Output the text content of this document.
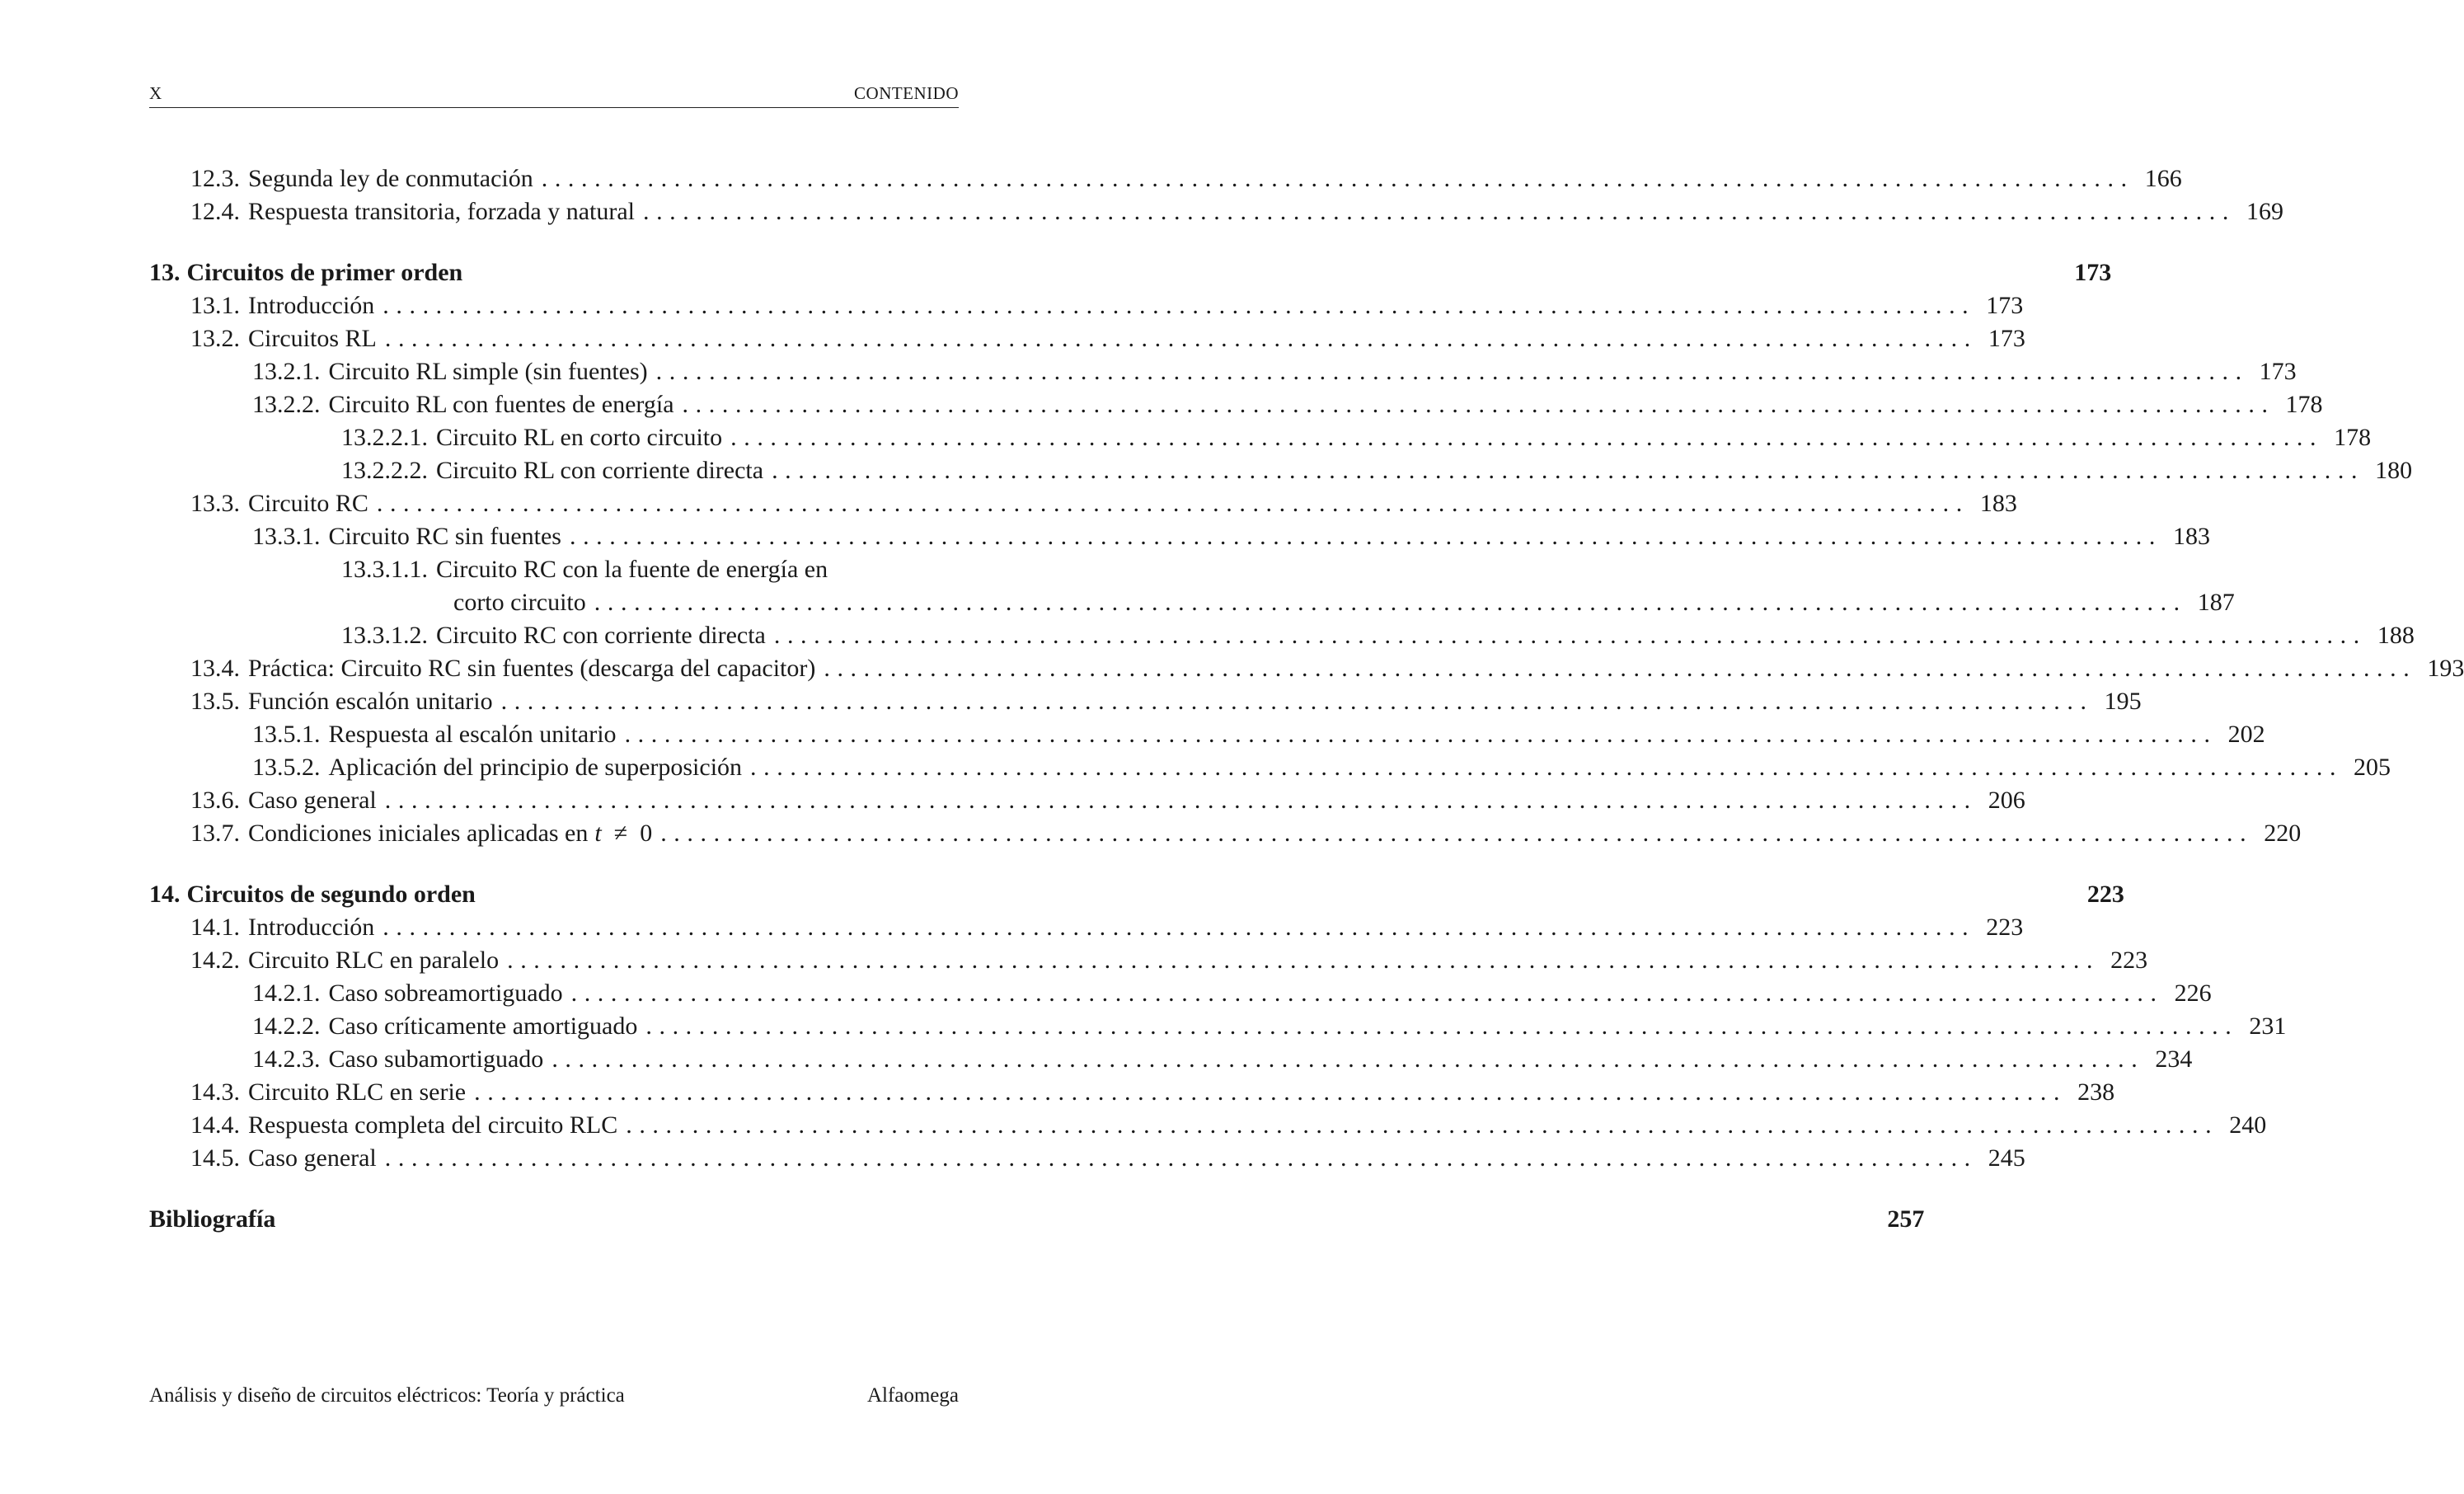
X	CONTENIDO
12.3. Segunda ley de conmutación ........................................................................................................................ 166
12.4. Respuesta transitoria, forzada y natural ........................................................................................................................ 169
13. Circuitos de primer orden	173
13.1. Introducción ........................................................................................................................ 173
13.2. Circuitos RL ........................................................................................................................ 173
13.2.1. Circuito RL simple (sin fuentes) ........................................................................................................................ 173
13.2.2. Circuito RL con fuentes de energía ........................................................................................................................ 178
13.2.2.1. Circuito RL en corto circuito ........................................................................................................................ 178
13.2.2.2. Circuito RL con corriente directa ........................................................................................................................ 180
13.3. Circuito RC ........................................................................................................................ 183
13.3.1. Circuito RC sin fuentes ........................................................................................................................ 183
13.3.1.1. Circuito RC con la fuente de energía en
corto circuito ........................................................................................................................ 187
13.3.1.2. Circuito RC con corriente directa ........................................................................................................................ 188
13.4. Práctica: Circuito RC sin fuentes (descarga del capacitor) ........................................................................................................................ 193
13.5. Función escalón unitario ........................................................................................................................ 195
13.5.1. Respuesta al escalón unitario ........................................................................................................................ 202
13.5.2. Aplicación del principio de superposición ........................................................................................................................ 205
13.6. Caso general ........................................................................................................................ 206
13.7. Condiciones iniciales aplicadas en t ≠ 0 ........................................................................................................................ 220
14. Circuitos de segundo orden	223
14.1. Introducción ........................................................................................................................ 223
14.2. Circuito RLC en paralelo ........................................................................................................................ 223
14.2.1. Caso sobreamortiguado ........................................................................................................................ 226
14.2.2. Caso críticamente amortiguado ........................................................................................................................ 231
14.2.3. Caso subamortiguado ........................................................................................................................ 234
14.3. Circuito RLC en serie ........................................................................................................................ 238
14.4. Respuesta completa del circuito RLC ........................................................................................................................ 240
14.5. Caso general ........................................................................................................................ 245
Bibliografía	257
Análisis y diseño de circuitos eléctricos: Teoría y práctica	Alfaomega
